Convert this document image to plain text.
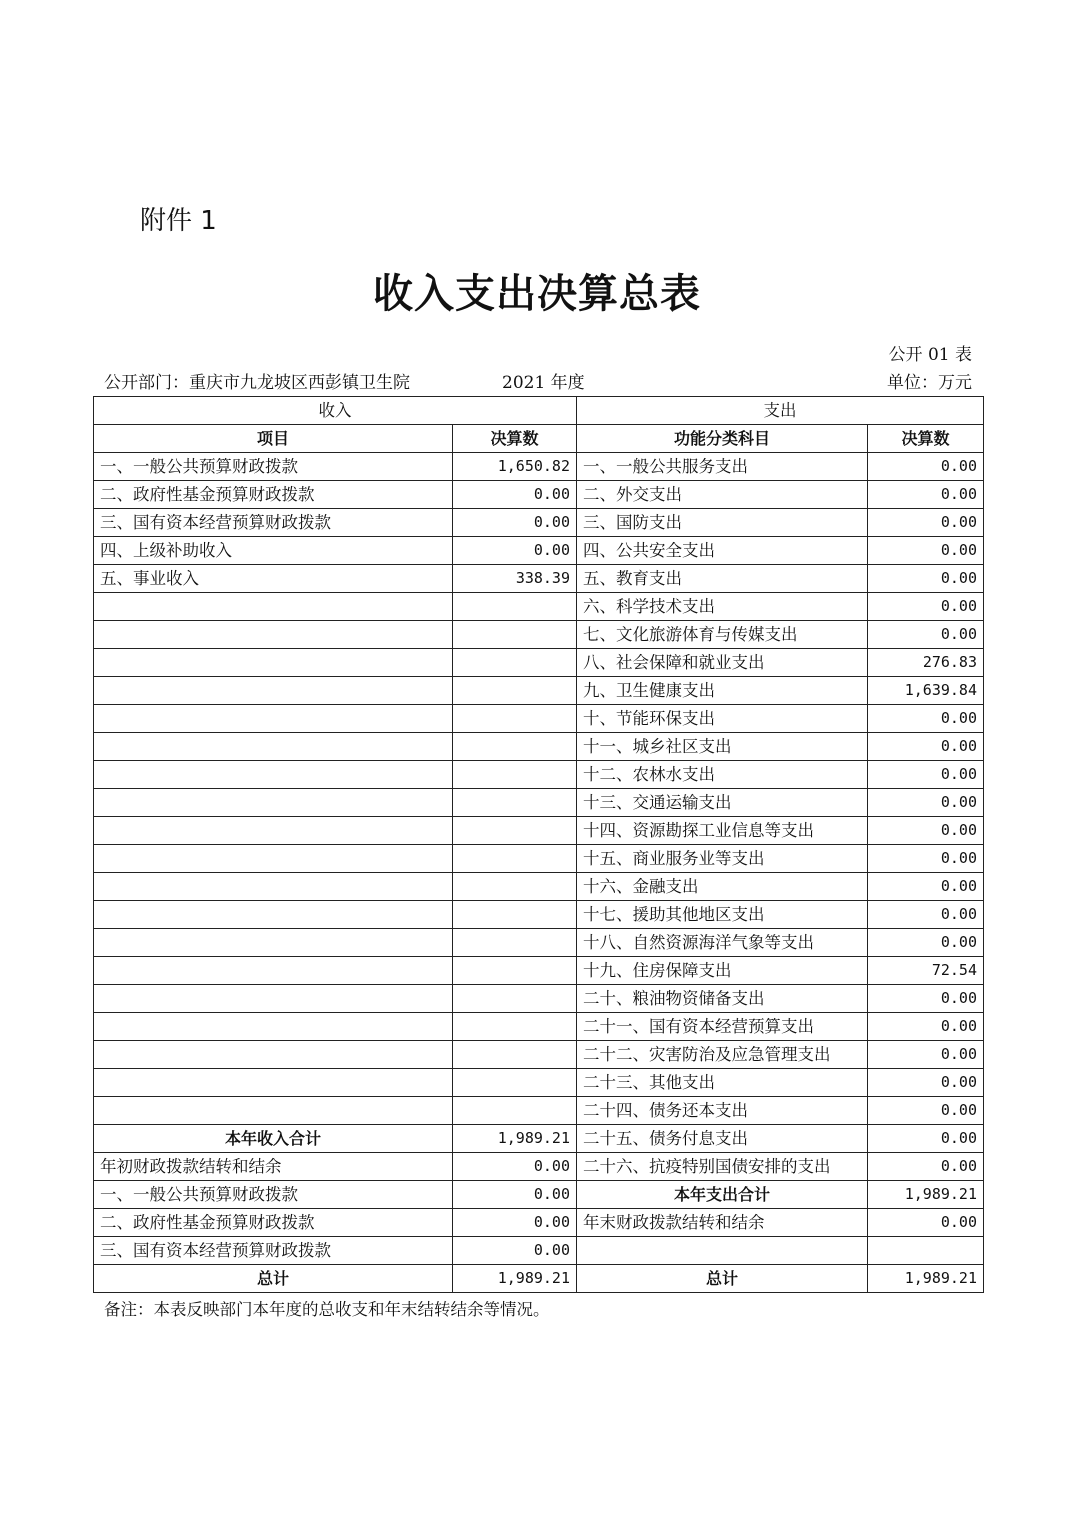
附件 1
收入支出决算总表
公开 01 表
公开部门：重庆市九龙坡区西彭镇卫生院	2021 年度	单位：万元
收入		支出	
项目	决算数	功能分类科目	决算数
一、一般公共预算财政拨款	1,650.82	一、一般公共服务支出	0.00
二、政府性基金预算财政拨款	0.00	二、外交支出	0.00
三、国有资本经营预算财政拨款	0.00	三、国防支出	0.00
四、上级补助收入	0.00	四、公共安全支出	0.00
五、事业收入	338.39	五、教育支出	0.00
		六、科学技术支出	0.00
		七、文化旅游体育与传媒支出	0.00
		八、社会保障和就业支出	276.83
		九、卫生健康支出	1,639.84
		十、节能环保支出	0.00
		十一、城乡社区支出	0.00
		十二、农林水支出	0.00
		十三、交通运输支出	0.00
		十四、资源勘探工业信息等支出	0.00
		十五、商业服务业等支出	0.00
		十六、金融支出	0.00
		十七、援助其他地区支出	0.00
		十八、自然资源海洋气象等支出	0.00
		十九、住房保障支出	72.54
		二十、粮油物资储备支出	0.00
		二十一、国有资本经营预算支出	0.00
		二十二、灾害防治及应急管理支出	0.00
		二十三、其他支出	0.00
		二十四、债务还本支出	0.00
本年收入合计	1,989.21	二十五、债务付息支出	0.00
年初财政拨款结转和结余	0.00	二十六、抗疫特别国债安排的支出	0.00
一、一般公共预算财政拨款	0.00	本年支出合计	1,989.21
二、政府性基金预算财政拨款	0.00	年末财政拨款结转和结余	0.00
三、国有资本经营预算财政拨款	0.00		
总计	1,989.21	总计	1,989.21
备注：本表反映部门本年度的总收支和年末结转结余等情况。
